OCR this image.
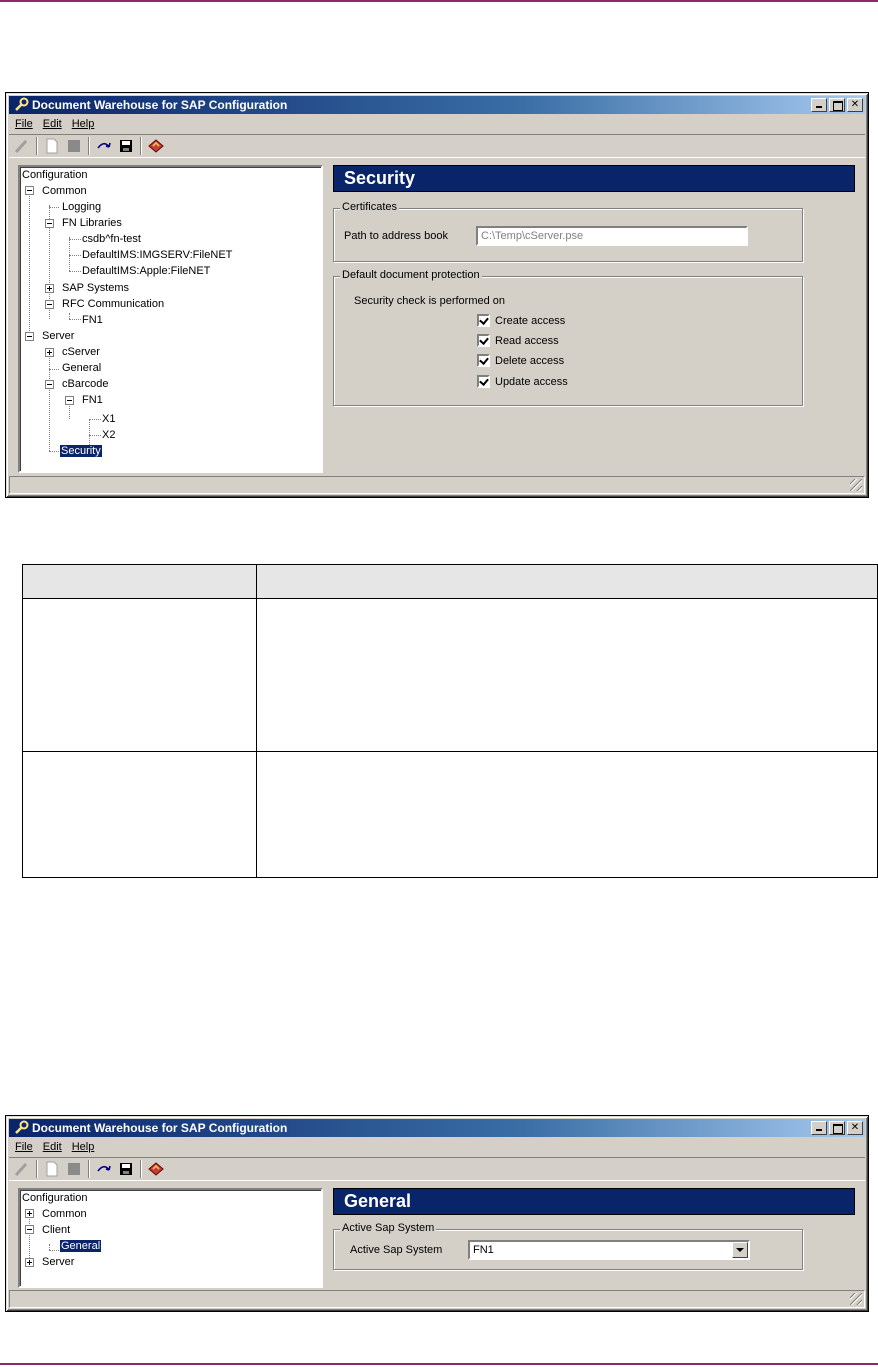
Document Warehouse for SAP Configuration	✕
File Edit Help
Configuration
Common
Logging
FN Libraries
csdb^fn-test
DefaultIMS:IMGSERV:FileNET
DefaultIMS:Apple:FileNET
SAP Systems
RFC Communication
FN1
Server
cServer
General
cBarcode
FN1
X1
X2
Security
Security
Certificates
Path to address book	C:\Temp\cServer.pse
Default document protection
Security check is performed on
Create access
Read access
Delete access
Update access

Document Warehouse for SAP Configuration	✕
File Edit Help
Configuration
Common
Client
General
Server
General
Active Sap System
Active Sap System	FN1
